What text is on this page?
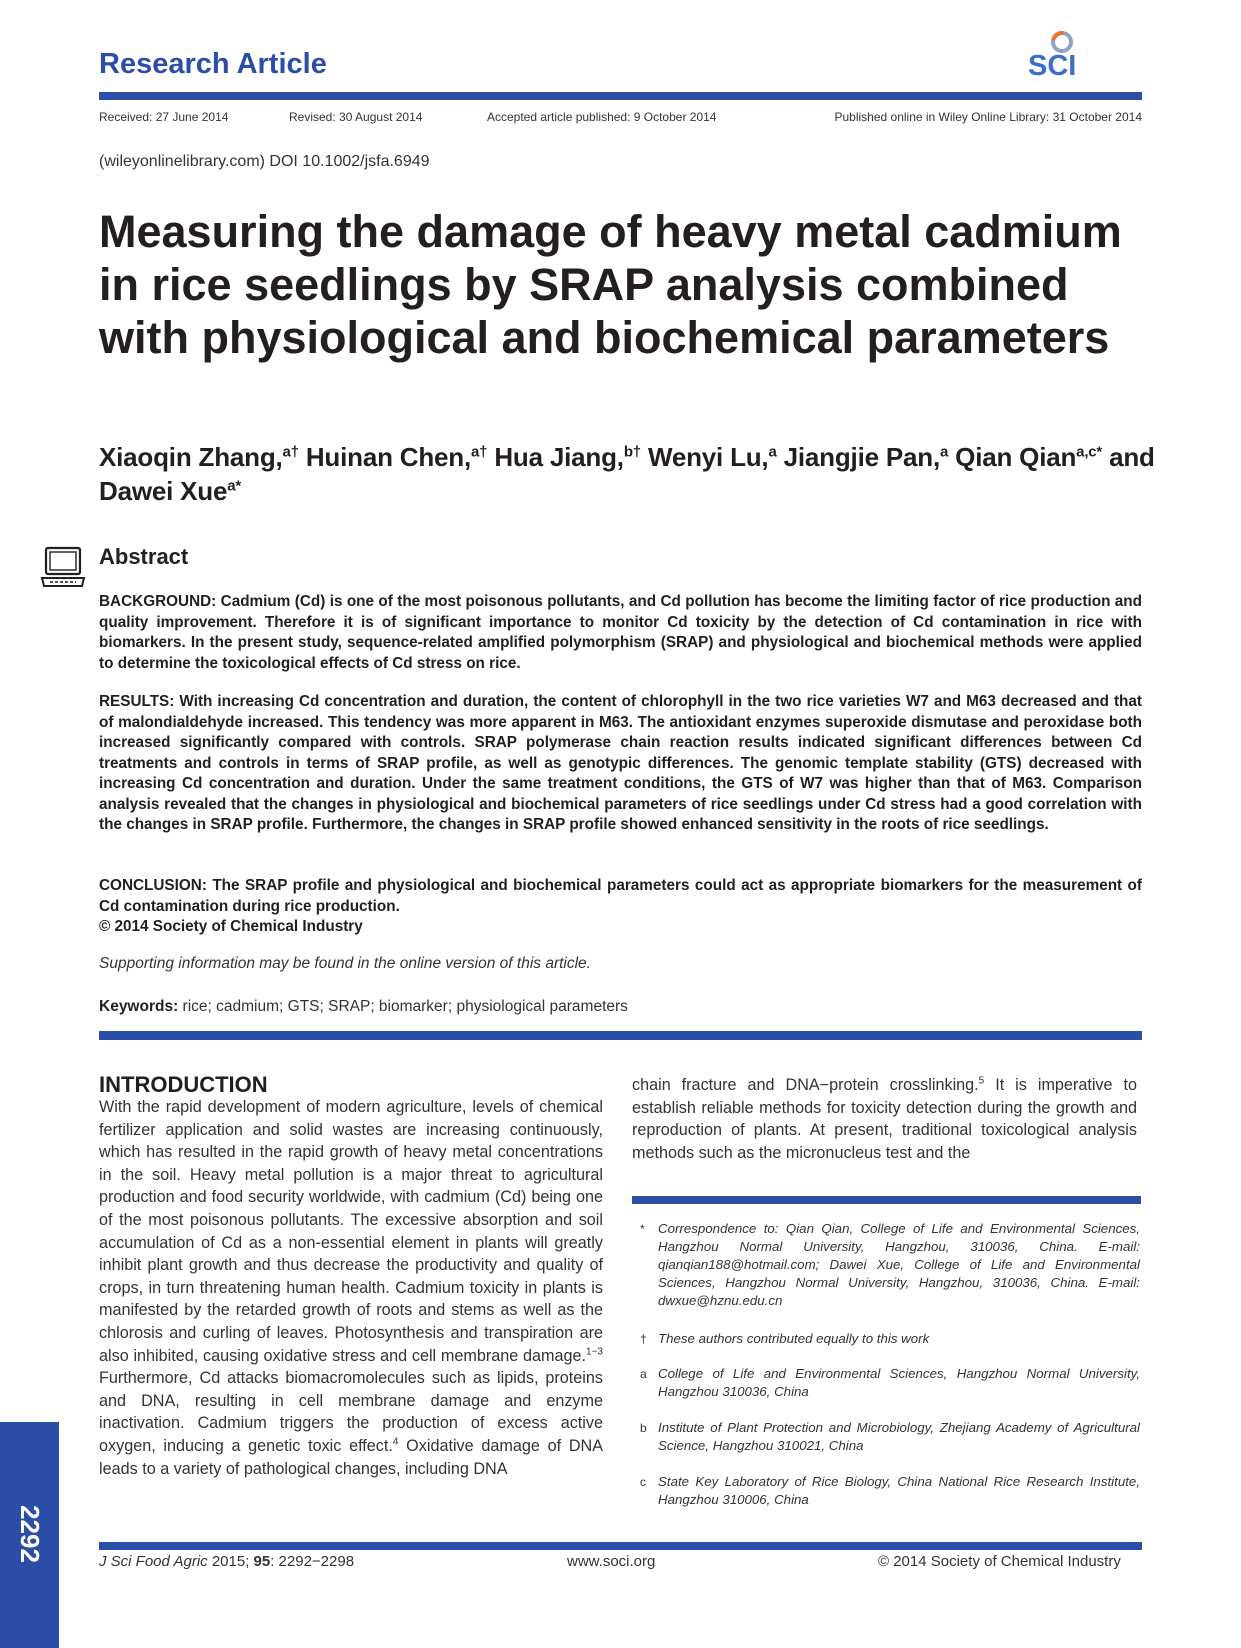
Research Article	SCI
Received: 27 June 2014	Revised: 30 August 2014	Accepted article published: 9 October 2014	Published online in Wiley Online Library: 31 October 2014
(wileyonlinelibrary.com) DOI 10.1002/jsfa.6949
Measuring the damage of heavy metal cadmium in rice seedlings by SRAP analysis combined with physiological and biochemical parameters
Xiaoqin Zhang,$^{a\dagger}$ Huinan Chen,$^{a\dagger}$ Hua Jiang,$^{b\dagger}$ Wenyi Lu,$^a$ Jiangjie Pan,$^a$ Qian Qian$^{a,c*}$ and Dawei Xue$^{a*}$
Abstract

BACKGROUND: Cadmium (Cd) is one of the most poisonous pollutants, and Cd pollution has become the limiting factor of rice production and quality improvement. Therefore it is of significant importance to monitor Cd toxicity by the detection of Cd contamination in rice with biomarkers. In the present study, sequence-related amplified polymorphism (SRAP) and physiological and biochemical methods were applied to determine the toxicological effects of Cd stress on rice.

RESULTS: With increasing Cd concentration and duration, the content of chlorophyll in the two rice varieties W7 and M63 decreased and that of malondialdehyde increased. This tendency was more apparent in M63. The antioxidant enzymes superoxide dismutase and peroxidase both increased significantly compared with controls. SRAP polymerase chain reaction results indicated significant differences between Cd treatments and controls in terms of SRAP profile, as well as genotypic differences. The genomic template stability (GTS) decreased with increasing Cd concentration and duration. Under the same treatment conditions, the GTS of W7 was higher than that of M63. Comparison analysis revealed that the changes in physiological and biochemical parameters of rice seedlings under Cd stress had a good correlation with the changes in SRAP profile. Furthermore, the changes in SRAP profile showed enhanced sensitivity in the roots of rice seedlings.

CONCLUSION: The SRAP profile and physiological and biochemical parameters could act as appropriate biomarkers for the measurement of Cd contamination during rice production.
© 2014 Society of Chemical Industry

Supporting information may be found in the online version of this article.
Keywords: rice; cadmium; GTS; SRAP; biomarker; physiological parameters
INTRODUCTION

With the rapid development of modern agriculture, levels of chemical fertilizer application and solid wastes are increasing continuously, which has resulted in the rapid growth of heavy metal concentrations in the soil. Heavy metal pollution is a major threat to agricultural production and food security worldwide, with cadmium (Cd) being one of the most poisonous pollutants. The excessive absorption and soil accumulation of Cd as a non-essential element in plants will greatly inhibit plant growth and thus decrease the productivity and quality of crops, in turn threatening human health. Cadmium toxicity in plants is manifested by the retarded growth of roots and stems as well as the chlorosis and curling of leaves. Photosynthesis and transpiration are also inhibited, causing oxidative stress and cell membrane damage.$^{1-3}$ Furthermore, Cd attacks biomacromolecules such as lipids, proteins and DNA, resulting in cell membrane damage and enzyme inactivation. Cadmium triggers the production of excess active oxygen, inducing a genetic toxic effect.$^4$ Oxidative damage of DNA leads to a variety of pathological changes, including DNA

chain fracture and DNA−protein crosslinking.$^5$ It is imperative to establish reliable methods for toxicity detection during the growth and reproduction of plants. At present, traditional toxicological analysis methods such as the micronucleus test and the

* Correspondence to: Qian Qian, College of Life and Environmental Sciences, Hangzhou Normal University, Hangzhou, 310036, China. E-mail: qianqian188@hotmail.com; Dawei Xue, College of Life and Environmental Sciences, Hangzhou Normal University, Hangzhou, 310036, China. E-mail: dwxue@hznu.edu.cn
† These authors contributed equally to this work
a College of Life and Environmental Sciences, Hangzhou Normal University, Hangzhou 310036, China
b Institute of Plant Protection and Microbiology, Zhejiang Academy of Agricultural Science, Hangzhou 310021, China
c State Key Laboratory of Rice Biology, China National Rice Research Institute, Hangzhou 310006, China
2292	J Sci Food Agric 2015; 95: 2292−2298	www.soci.org	© 2014 Society of Chemical Industry
